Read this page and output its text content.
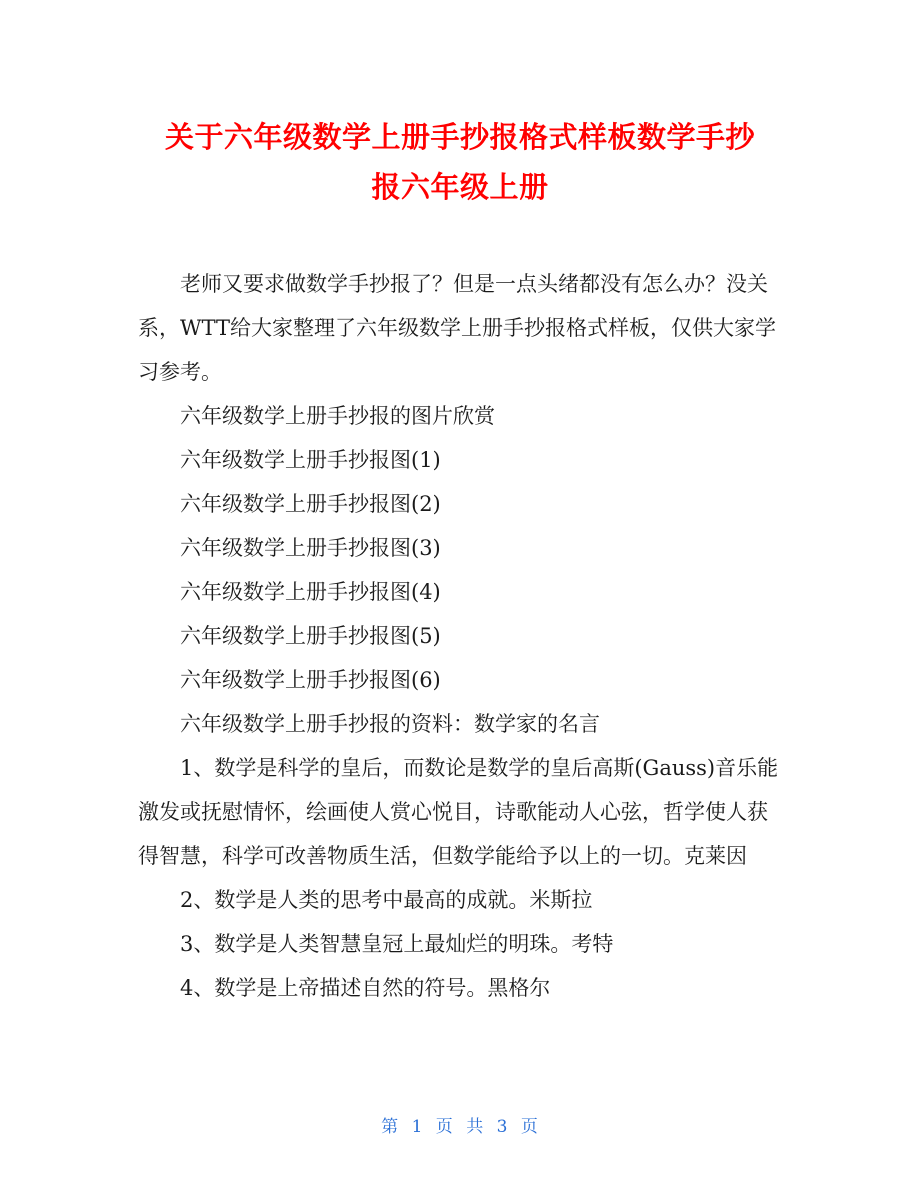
关于六年级数学上册手抄报格式样板数学手抄
报六年级上册

老师又要求做数学手抄报了？但是一点头绪都没有怎么办？没关系，WTT给大家整理了六年级数学上册手抄报格式样板，仅供大家学习参考。

六年级数学上册手抄报的图片欣赏

六年级数学上册手抄报图(1)

六年级数学上册手抄报图(2)

六年级数学上册手抄报图(3)

六年级数学上册手抄报图(4)

六年级数学上册手抄报图(5)

六年级数学上册手抄报图(6)

六年级数学上册手抄报的资料：数学家的名言

1、数学是科学的皇后，而数论是数学的皇后高斯(Gauss)音乐能激发或抚慰情怀，绘画使人赏心悦目，诗歌能动人心弦，哲学使人获得智慧，科学可改善物质生活，但数学能给予以上的一切。克莱因

2、数学是人类的思考中最高的成就。米斯拉

3、数学是人类智慧皇冠上最灿烂的明珠。考特

4、数学是上帝描述自然的符号。黑格尔

第 1 页 共 3 页
